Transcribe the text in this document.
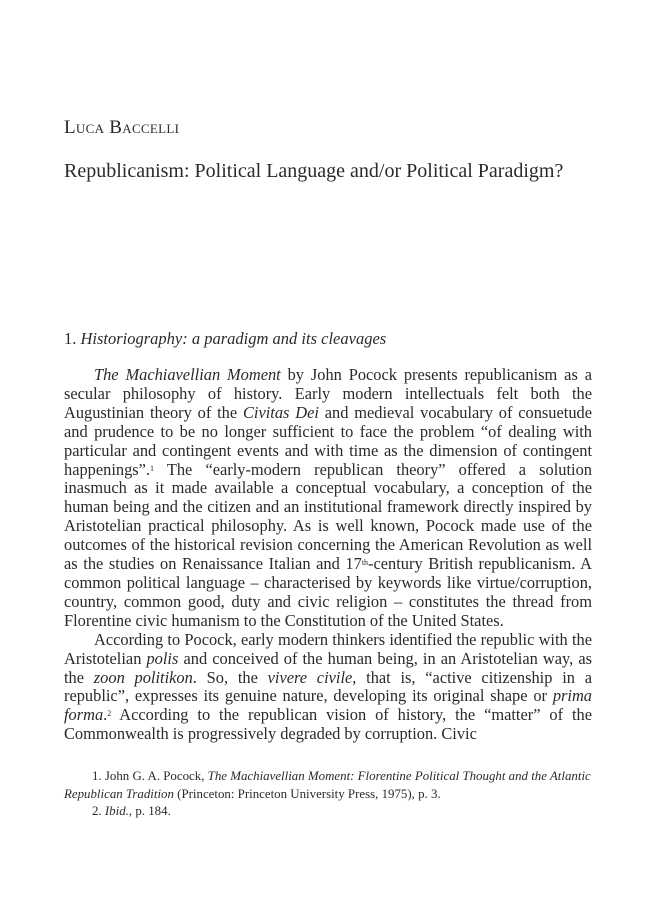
Luca Baccelli
Republicanism: Political Language and/or Political Paradigm?
1. Historiography: a paradigm and its cleavages

The Machiavellian Moment by John Pocock presents republicanism as a secular philosophy of history. Early modern intellectuals felt both the Augustinian theory of the Civitas Dei and medieval vocabulary of consuetude and prudence to be no longer sufficient to face the problem “of dealing with particular and contingent events and with time as the dimension of contingent happenings”.$^1$ The “early-modern republican theory” offered a solution inasmuch as it made available a conceptual vocabulary, a conception of the human being and the citizen and an institutional framework directly inspired by Aristotelian practical philosophy. As is well known, Pocock made use of the outcomes of the historical revision concerning the American Revolution as well as the studies on Renaissance Italian and 17th-century British republicanism. A common political language – characterised by keywords like virtue/corruption, country, common good, duty and civic religion – constitutes the thread from Florentine civic humanism to the Constitution of the United States.

According to Pocock, early modern thinkers identified the republic with the Aristotelian polis and conceived of the human being, in an Aristotelian way, as the zoon politikon. So, the vivere civile, that is, “active citizenship in a republic”, expresses its genuine nature, developing its original shape or prima forma.$^2$ According to the republican vision of history, the “matter” of the Commonwealth is progressively degraded by corruption. Civic

1. John G. A. Pocock, The Machiavellian Moment: Florentine Political Thought and the Atlantic Republican Tradition (Princeton: Princeton University Press, 1975), p. 3.

2. Ibid., p. 184.
